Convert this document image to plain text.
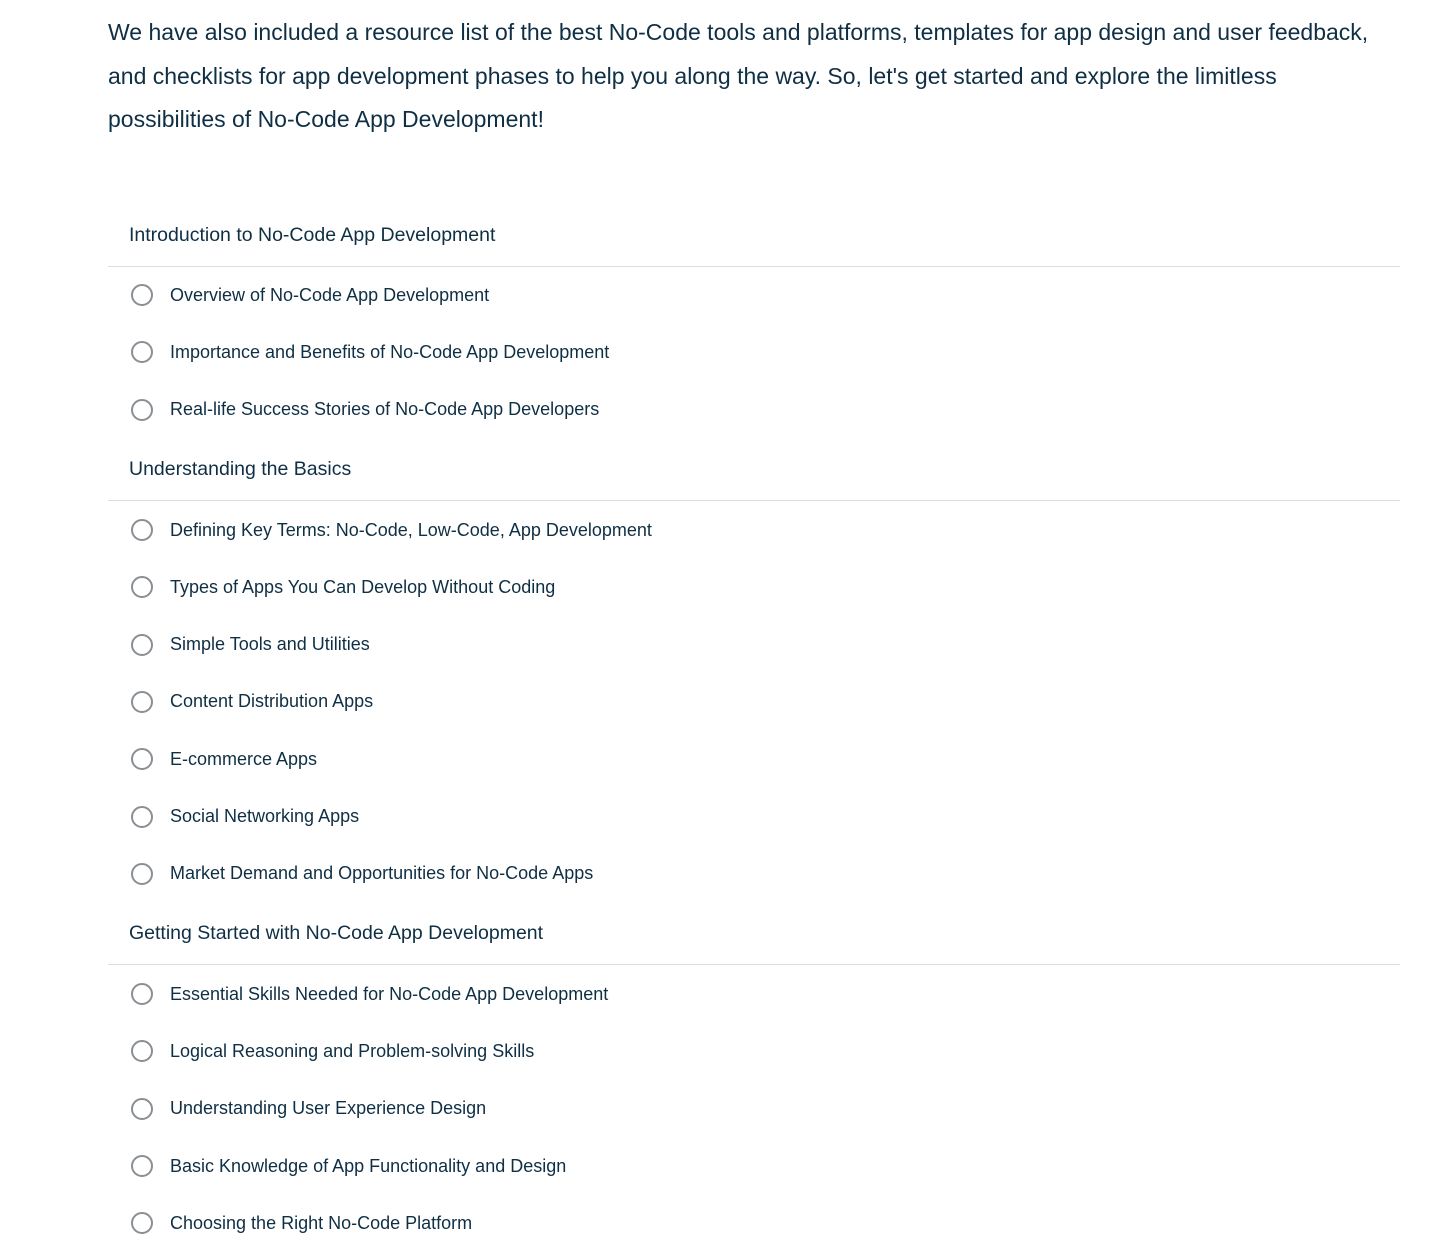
We have also included a resource list of the best No-Code tools and platforms, templates for app design and user feedback, and checklists for app development phases to help you along the way. So, let's get started and explore the limitless possibilities of No-Code App Development!

Introduction to No-Code App Development
Overview of No-Code App Development
Importance and Benefits of No-Code App Development
Real-life Success Stories of No-Code App Developers
Understanding the Basics
Defining Key Terms: No-Code, Low-Code, App Development
Types of Apps You Can Develop Without Coding
Simple Tools and Utilities
Content Distribution Apps
E-commerce Apps
Social Networking Apps
Market Demand and Opportunities for No-Code Apps
Getting Started with No-Code App Development
Essential Skills Needed for No-Code App Development
Logical Reasoning and Problem-solving Skills
Understanding User Experience Design
Basic Knowledge of App Functionality and Design
Choosing the Right No-Code Platform
